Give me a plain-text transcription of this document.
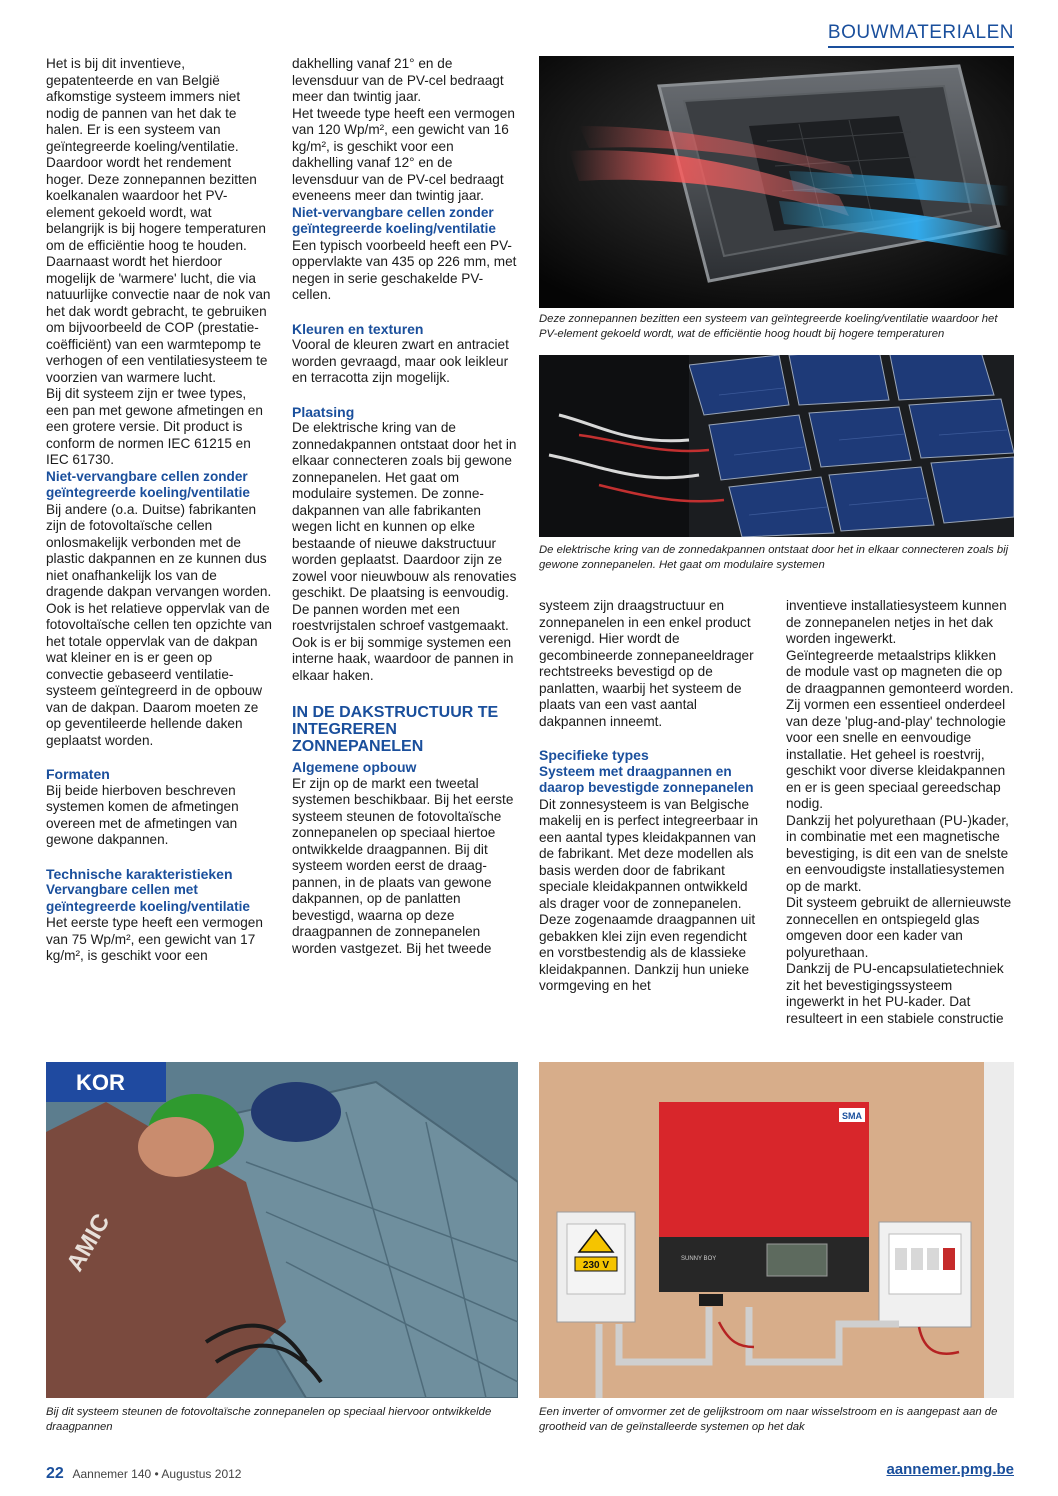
BOUWMATERIALEN

Het is bij dit inventieve, gepatenteerde en van België afkomstige systeem immers niet nodig de pannen van het dak te halen. Er is een systeem van geïntegreerde koeling/ventilatie. Daardoor wordt het rendement hoger. Deze zonnepannen bezitten koelkanalen waardoor het PV-element gekoeld wordt, wat belangrijk is bij hogere temperaturen om de efficiëntie hoog te houden. Daarnaast wordt het hierdoor mogelijk de 'warmere' lucht, die via natuurlijke convectie naar de nok van het dak wordt gebracht, te gebruiken om bijvoorbeeld de COP (prestatie-coëfficiënt) van een warmtepomp te verhogen of een ventilatiesysteem te voorzien van warmere lucht.

Bij dit systeem zijn er twee types, een pan met gewone afmetingen en een grotere versie. Dit product is conform de normen IEC 61215 en IEC 61730.

Niet-vervangbare cellen zonder geïntegreerde koeling/ventilatie

Bij andere (o.a. Duitse) fabrikanten zijn de fotovoltaïsche cellen onlosmakelijk verbonden met de plastic dakpannen en ze kunnen dus niet onafhankelijk los van de dragende dakpan vervangen worden.

Ook is het relatieve oppervlak van de fotovoltaïsche cellen ten opzichte van het totale oppervlak van de dakpan wat kleiner en is er geen op convectie gebaseerd ventilatie-systeem geïntegreerd in de opbouw van de dakpan. Daarom moeten ze op geventileerde hellende daken geplaatst worden.

Formaten

Bij beide hierboven beschreven systemen komen de afmetingen overeen met de afmetingen van gewone dakpannen.

Technische karakteristieken
Vervangbare cellen met geïntegreerde koeling/ventilatie

Het eerste type heeft een vermogen van 75 Wp/m², een gewicht van 17 kg/m², is geschikt voor een

dakhelling vanaf 21° en de levensduur van de PV-cel bedraagt meer dan twintig jaar.

Het tweede type heeft een vermogen van 120 Wp/m², een gewicht van 16 kg/m², is geschikt voor een dakhelling vanaf 12° en de levensduur van de PV-cel bedraagt eveneens meer dan twintig jaar.

Niet-vervangbare cellen zonder geïntegreerde koeling/ventilatie

Een typisch voorbeeld heeft een PV-oppervlakte van 435 op 226 mm, met negen in serie geschakelde PV-cellen.

Kleuren en texturen

Vooral de kleuren zwart en antraciet worden gevraagd, maar ook leikleur en terracotta zijn mogelijk.

Plaatsing

De elektrische kring van de zonnedakpannen ontstaat door het in elkaar connecteren zoals bij gewone zonnepanelen. Het gaat om modulaire systemen. De zonne-dakpannen van alle fabrikanten wegen licht en kunnen op elke bestaande of nieuwe dakstructuur worden geplaatst. Daardoor zijn ze zowel voor nieuwbouw als renovaties geschikt. De plaatsing is eenvoudig. De pannen worden met een roestvrijstalen schroef vastgemaakt. Ook is er bij sommige systemen een interne haak, waardoor de pannen in elkaar haken.

IN DE DAKSTRUCTUUR TE INTEGREREN ZONNEPANELEN
Algemene opbouw

Er zijn op de markt een tweetal systemen beschikbaar. Bij het eerste systeem steunen de fotovoltaïsche zonnepanelen op speciaal hiertoe ontwikkelde draagpannen. Bij dit systeem worden eerst de draag-pannen, in de plaats van gewone dakpannen, op de panlatten bevestigd, waarna op deze draagpannen de zonnepanelen worden vastgezet. Bij het tweede

systeem zijn draagstructuur en zonnepanelen in een enkel product verenigd. Hier wordt de gecombineerde zonnepaneeldrager rechtstreeks bevestigd op de panlatten, waarbij het systeem de plaats van een vast aantal dakpannen inneemt.

Specifieke types
Systeem met draagpannen en daarop bevestigde zonnepanelen

Dit zonnesysteem is van Belgische makelij en is perfect integreerbaar in een aantal types kleidakpannen van de fabrikant. Met deze modellen als basis werden door de fabrikant speciale kleidakpannen ontwikkeld als drager voor de zonnepanelen.

Deze zogenaamde draagpannen uit gebakken klei zijn even regendicht en vorstbestendig als de klassieke kleidakpannen. Dankzij hun unieke vormgeving en het

inventieve installatiesysteem kunnen de zonnepanelen netjes in het dak worden ingewerkt.

Geïntegreerde metaalstrips klikken de module vast op magneten die op de draagpannen gemonteerd worden. Zij vormen een essentieel onderdeel van deze 'plug-and-play' technologie voor een snelle en eenvoudige installatie. Het geheel is roestvrij, geschikt voor diverse kleidakpannen en er is geen speciaal gereedschap nodig.

Dankzij het polyurethaan (PU-)kader, in combinatie met een magnetische bevestiging, is dit een van de snelste en eenvoudigste installatiesystemen op de markt.

Dit systeem gebruikt de allernieuwste zonnecellen en ontspiegeld glas omgeven door een kader van polyurethaan.

Dankzij de PU-encapsulatietechniek zit het bevestigingssysteem ingewerkt in het PU-kader. Dat resulteert in een stabiele constructie

Deze zonnepannen bezitten een systeem van geïntegreerde koeling/ventilatie waardoor het PV-element gekoeld wordt, wat de efficiëntie hoog houdt bij hogere temperaturen
De elektrische kring van de zonnedakpannen ontstaat door het in elkaar connecteren zoals bij gewone zonnepanelen. Het gaat om modulaire systemen
KOR
AMIC
Bij dit systeem steunen de fotovoltaïsche zonnepanelen op speciaal hiervoor ontwikkelde draagpannen
230 V
SMA
SUNNY BOY
Een inverter of omvormer zet de gelijkstroom om naar wisselstroom en is aangepast aan de grootheid van de geïnstalleerde systemen op het dak
22 Aannemer 140 • Augustus 2012	aannemer.pmg.be
